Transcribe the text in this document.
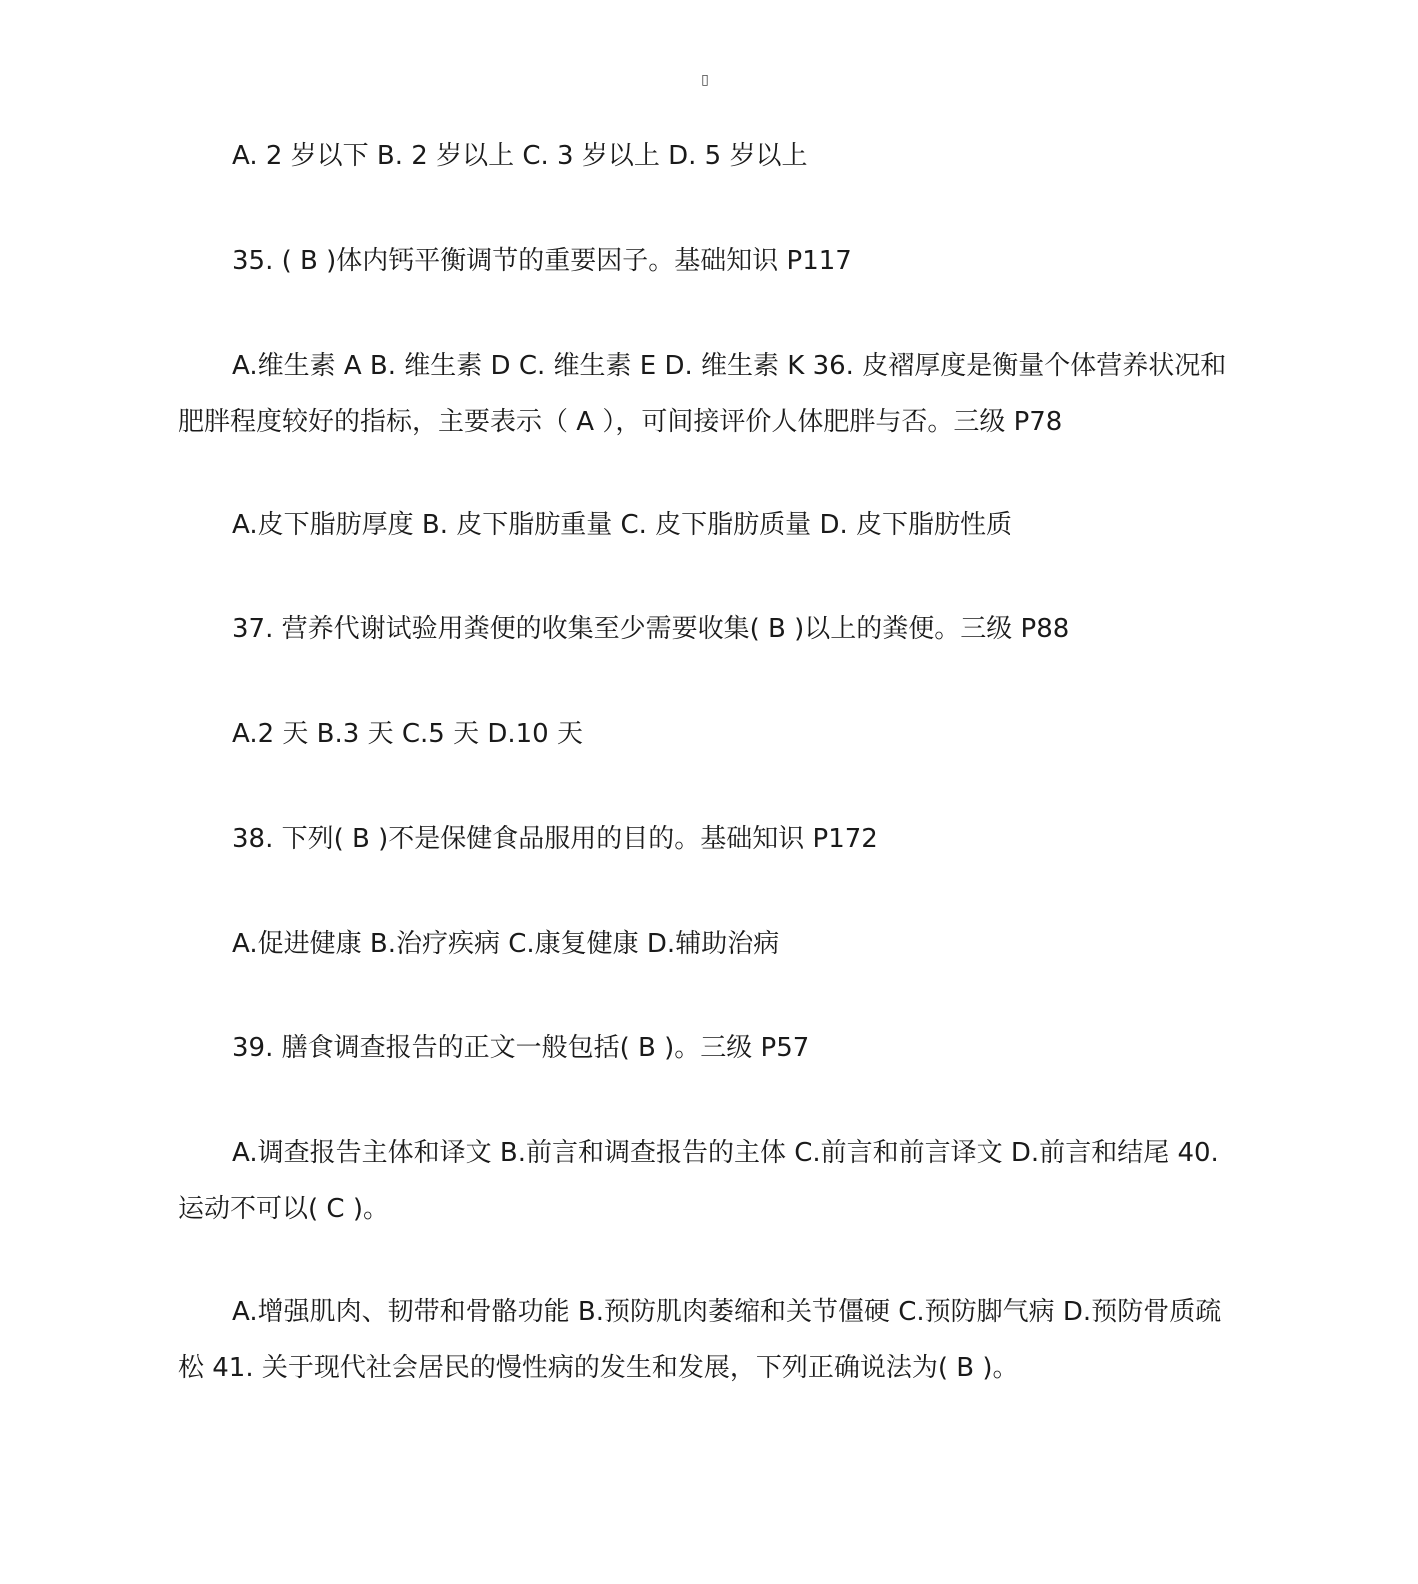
▯

A. 2 岁以下 B. 2 岁以上 C. 3 岁以上 D. 5 岁以上

35. ( B )体内钙平衡调节的重要因子。基础知识 P117

A.维生素 A B. 维生素 D C. 维生素 E D. 维生素 K 36. 皮褶厚度是衡量个体营养状况和肥胖程度较好的指标，主要表示（ A ），可间接评价人体肥胖与否。三级 P78

A.皮下脂肪厚度 B. 皮下脂肪重量 C. 皮下脂肪质量 D. 皮下脂肪性质

37. 营养代谢试验用粪便的收集至少需要收集( B )以上的粪便。三级 P88

A.2 天 B.3 天 C.5 天 D.10 天

38. 下列( B )不是保健食品服用的目的。基础知识 P172

A.促进健康 B.治疗疾病 C.康复健康 D.辅助治病

39. 膳食调查报告的正文一般包括( B )。三级 P57

A.调查报告主体和译文 B.前言和调查报告的主体 C.前言和前言译文 D.前言和结尾 40. 运动不可以( C )。

A.增强肌肉、韧带和骨骼功能 B.预防肌肉萎缩和关节僵硬 C.预防脚气病 D.预防骨质疏松 41. 关于现代社会居民的慢性病的发生和发展，下列正确说法为( B )。
